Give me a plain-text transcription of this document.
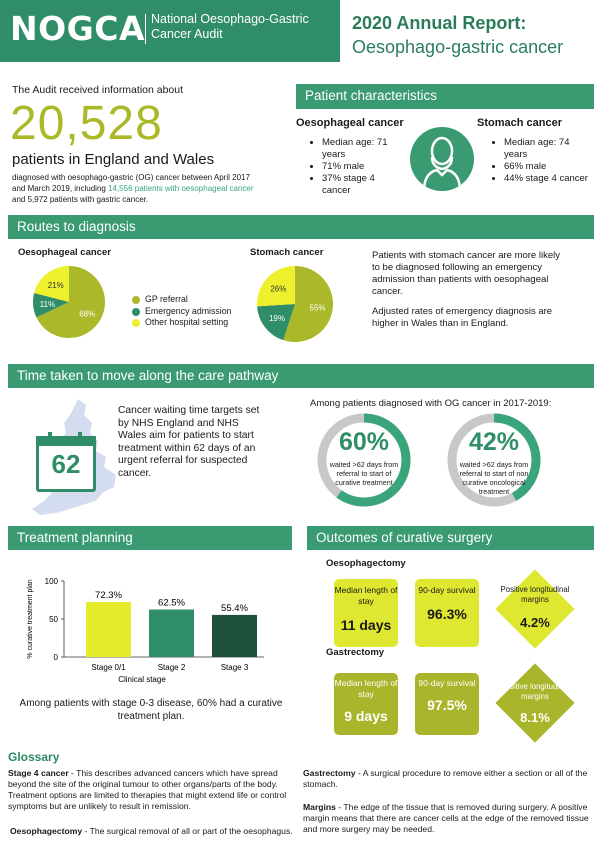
NOGCA National Oesophago-Gastric
Cancer Audit
2020 Annual Report:
Oesophago-gastric cancer
The Audit received information about
20,528
patients in England and Wales
diagnosed with oesophago-gastric (OG) cancer between April 2017
and March 2019, including 14,556 patients with oesophageal cancer
and 5,972 patients with gastric cancer.
Patient characteristics
Oesophageal cancer
• Median age: 71 years
• 71% male
• 37% stage 4 cancer
Stomach cancer
• Median age: 74 years
• 66% male
• 44% stage 4 cancer
Routes to diagnosis
Oesophageal cancer	Stomach cancer
68%
11%
21%
55%
19%
26%
GP referral
Emergency admission
Other hospital setting
Patients with stomach cancer are more likely to be diagnosed following an emergency admission than patients with oesophageal cancer.
Adjusted rates of emergency diagnosis are higher in Wales than in England.
Time taken to move along the care pathway
62
Cancer waiting time targets set by NHS England and NHS Wales aim for patients to start treatment within 62 days of an urgent referral for suspected cancer.
Among patients diagnosed with OG cancer in 2017-2019:
60%
waited >62 days from referral to start of curative treatment
42%
waited >62 days from referral to start of non curative oncological treatment
Treatment planning
0
50
100
% curative treatment plan	72.3%
Stage 0/1
62.5%
Stage 2
55.4%
Stage 3
Clinical stage
Among patients with stage 0-3 disease, 60% had a curative treatment plan.
Outcomes of curative surgery
Oesophagectomy
Median length of stay
11 days
90-day survival
96.3%
Positive longitudinal margins
4.2%
Gastrectomy
Median length of stay
9 days
90-day survival
97.5%
Positive longitudinal margins
8.1%
Glossary
Stage 4 cancer - This describes advanced cancers which have spread beyond the site of the original tumour to other organs/parts of the body. Treatment options are limited to therapies that might extend life or control symptoms but are unlikely to result in remission.
Oesophagectomy - The surgical removal of all or part of the oesophagus.
Gastrectomy - A surgical procedure to remove either a section or all of the stomach.
Margins - The edge of the tissue that is removed during surgery. A positive margin means that there are cancer cells at the edge of the removed tissue and more surgery may be needed.
